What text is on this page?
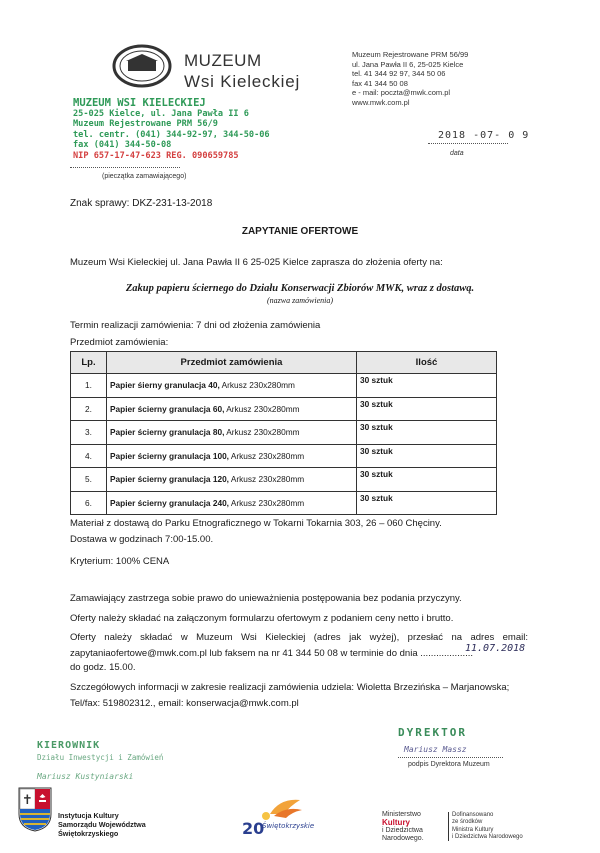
MUZEUM
Wsi Kieleckiej
Muzeum Rejestrowane PRM 56/99
ul. Jana Pawła II 6, 25-025 Kielce
tel. 41 344 92 97, 344 50 06
fax 41 344 50 08
e - mail: poczta@mwk.com.pl
www.mwk.com.pl
MUZEUM WSI KIELECKIEJ
25-025 Kielce, ul. Jana Pawła II 6
Muzeum Rejestrowane PRM 56/9
tel. centr. (041) 344-92-97, 344-50-06
fax (041) 344-50-08
NIP 657-17-47-623 REG. 090659785
(pieczątka zamawiającego)
2018 -07- 0 9
data
Znak sprawy: DKZ-231-13-2018
ZAPYTANIE OFERTOWE
Muzeum Wsi Kieleckiej ul. Jana Pawła II 6 25-025 Kielce zaprasza do złożenia oferty na:
Zakup papieru ściernego do Działu Konserwacji Zbiorów MWK, wraz z dostawą.
(nazwa zamówienia)
Termin realizacji zamówienia: 7 dni od złożenia zamówienia
Przedmiot zamówienia:
Lp.	Przedmiot zamówienia	Ilość
1.	Papier śierny granulacja 40, Arkusz 230x280mm	30 sztuk
2.	Papier ścierny granulacja 60, Arkusz 230x280mm	30 sztuk
3.	Papier ścierny granulacja 80, Arkusz 230x280mm	30 sztuk
4.	Papier ścierny granulacja 100, Arkusz 230x280mm	30 sztuk
5.	Papier ścierny granulacja 120, Arkusz 230x280mm	30 sztuk
6.	Papier ścierny granulacja 240, Arkusz 230x280mm	30 sztuk
Materiał z dostawą do Parku Etnograficznego w Tokarni Tokarnia 303, 26 – 060 Chęciny.
Dostawa w godzinach 7:00-15.00.
Kryterium: 100% CENA
Zamawiający zastrzega sobie prawo do unieważnienia postępowania bez podania przyczyny.
Oferty należy składać na załączonym formularzu ofertowym z podaniem ceny netto i brutto.
Oferty należy składać w Muzeum Wsi Kieleckiej (adres jak wyżej), przesłać na adres email:
zapytaniaofertowe@mwk.com.pl lub faksem na nr 41 344 50 08 w terminie do dnia ....................
do godz. 15.00.
11.07.2018
Szczegółowych informacji w zakresie realizacji zamówienia udziela: Wioletta Brzezińska – Marjanowska;
Tel/fax: 519802312., email: konserwacja@mwk.com.pl
DYREKTOR
Mariusz Massz
podpis Dyrektora Muzeum
KIEROWNIK
Działu Inwestycji i Zamówień
Mariusz Kustyniarski
✝
Instytucja Kultury
Samorządu Województwa
Świętokrzyskiego	20
Świętokrzyskie
Ministerstwo
Kultury
i Dziedzictwa
Narodowego.
Dofinansowano
ze środków
Ministra Kultury
i Dziedzictwa Narodowego
